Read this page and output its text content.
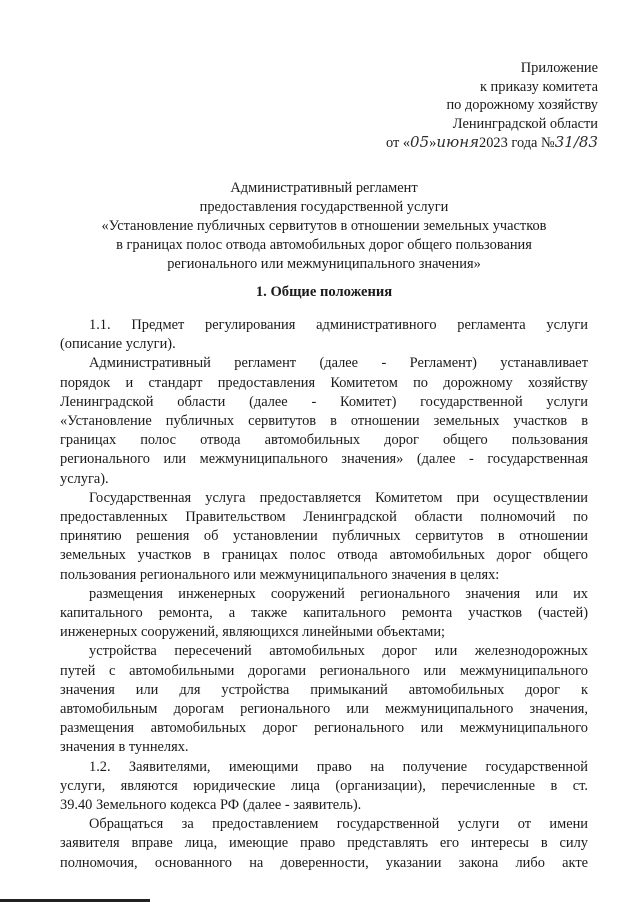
Приложение
к приказу комитета
по дорожному хозяйству
Ленинградской области
от «05»июня2023 года №31/83
Административный регламент
предоставления государственной услуги
«Установление публичных сервитутов в отношении земельных участков
в границах полос отвода автомобильных дорог общего пользования
регионального или межмуниципального значения»
1. Общие положения
1.1. Предмет регулирования административного регламента услуги
(описание услуги).
Административный регламент (далее - Регламент) устанавливает
порядок и стандарт предоставления Комитетом по дорожному хозяйству
Ленинградской области (далее - Комитет) государственной услуги
«Установление публичных сервитутов в отношении земельных участков в
границах полос отвода автомобильных дорог общего пользования
регионального или межмуниципального значения» (далее - государственная
услуга).
Государственная услуга предоставляется Комитетом при осуществлении
предоставленных Правительством Ленинградской области полномочий по
принятию решения об установлении публичных сервитутов в отношении
земельных участков в границах полос отвода автомобильных дорог общего
пользования регионального или межмуниципального значения в целях:
размещения инженерных сооружений регионального значения или их
капитального ремонта, а также капитального ремонта участков (частей)
инженерных сооружений, являющихся линейными объектами;
устройства пересечений автомобильных дорог или железнодорожных
путей с автомобильными дорогами регионального или межмуниципального
значения или для устройства примыканий автомобильных дорог к
автомобильным дорогам регионального или межмуниципального значения,
размещения автомобильных дорог регионального или межмуниципального
значения в туннелях.
1.2. Заявителями, имеющими право на получение государственной
услуги, являются юридические лица (организации), перечисленные в ст.
39.40 Земельного кодекса РФ (далее - заявитель).
Обращаться за предоставлением государственной услуги от имени
заявителя вправе лица, имеющие право представлять его интересы в силу
полномочия, основанного на доверенности, указании закона либо акте
